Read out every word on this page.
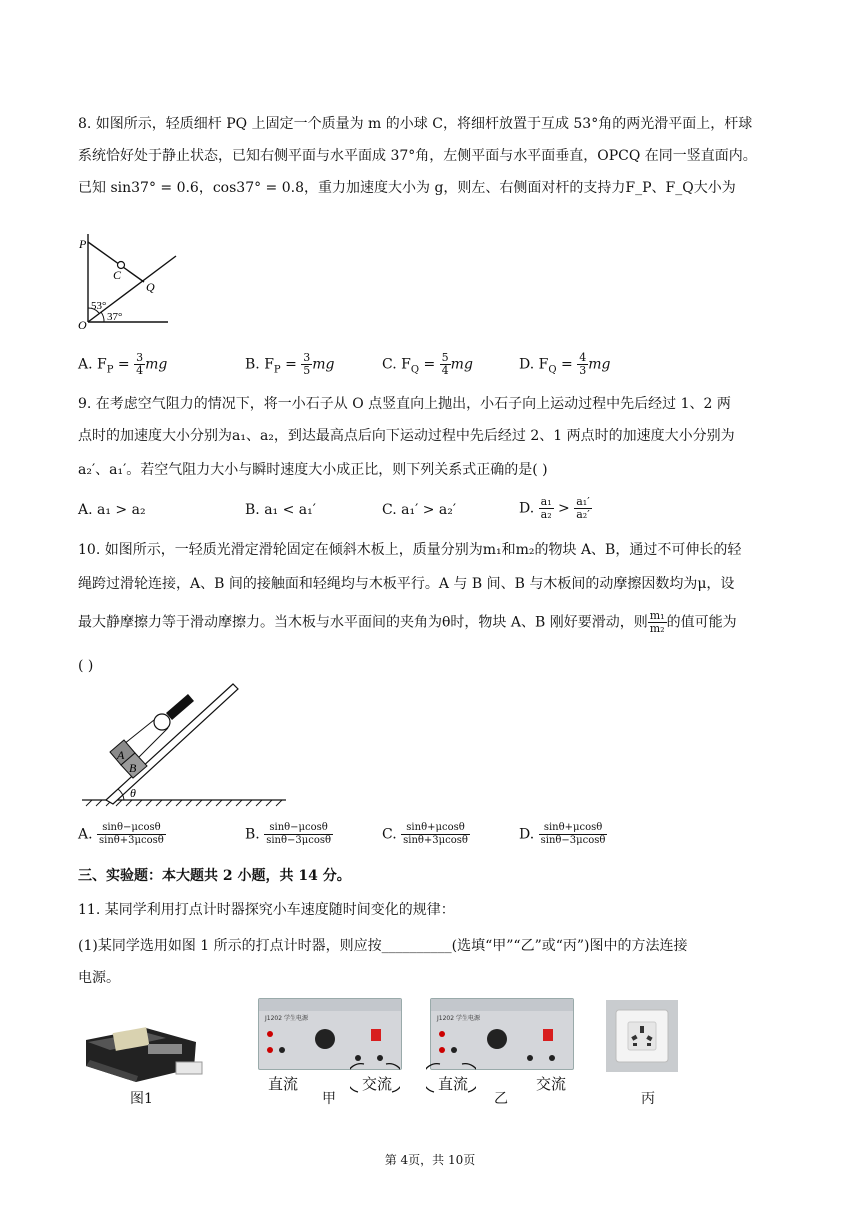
8. 如图所示，轻质细杆 PQ 上固定一个质量为 m 的小球 C，将细杆放置于互成 53°角的两光滑平面上，杆球
系统恰好处于静止状态，已知右侧平面与水平面成 37°角，左侧平面与水平面垂直，OPCQ 在同一竖直面内。
已知 sin37° = 0.6，cos37° = 0.8，重力加速度大小为 g，则左、右侧面对杆的支持力F_P、F_Q大小为
P
C
Q
O
53°
37°
A. $F_P = \frac{3}{4}$ mg	B. $F_P = \frac{3}{5}$ mg	C. $F_Q = \frac{5}{4}$ mg	D. $F_Q = \frac{4}{3}$ mg
9. 在考虑空气阻力的情况下，将一小石子从 O 点竖直向上抛出，小石子向上运动过程中先后经过 1、2 两
点时的加速度大小分别为a₁、a₂，到达最高点后向下运动过程中先后经过 2、1 两点时的加速度大小分别为
a₂′、a₁′。若空气阻力大小与瞬时速度大小成正比，则下列关系式正确的是( )
A. a₁ > a₂	B. a₁ < a₁′	C. a₁′ > a₂′	D. $\frac{\text{a₁}}{\text{a₂}} > \frac{\text{a₁′}}{\text{a₂′}}$
10. 如图所示，一轻质光滑定滑轮固定在倾斜木板上，质量分别为m₁和m₂的物块 A、B，通过不可伸长的轻
绳跨过滑轮连接，A、B 间的接触面和轻绳均与木板平行。A 与 B 间、B 与木板间的动摩擦因数均为μ，设
最大静摩擦力等于滑动摩擦力。当木板与水平面间的夹角为θ时，物块 A、B 刚好要滑动，则 $\frac{\text{m₁}}{\text{m₂}}$ 的值可能为
( )
A
B
θ
A. $\frac{\sin\theta-\mu\cos\theta}{\sin\theta+3\mu\cos\theta}$	B. $\frac{\sin\theta-\mu\cos\theta}{\sin\theta-3\mu\cos\theta}$	C. $\frac{\sin\theta+\mu\cos\theta}{\sin\theta+3\mu\cos\theta}$	D. $\frac{\sin\theta+\mu\cos\theta}{\sin\theta-3\mu\cos\theta}$
三、实验题：本大题共 2 小题，共 14 分。
11. 某同学利用打点计时器探究小车速度随时间变化的规律：
(1)某同学选用如图 1 所示的打点计时器，则应按__________(选填“甲”“乙”或“丙”)图中的方法连接
电源。
图1
J1202 学生电源
直流	交流
甲
J1202 学生电源
直流	交流
乙	丙
第 4页，共 10页
